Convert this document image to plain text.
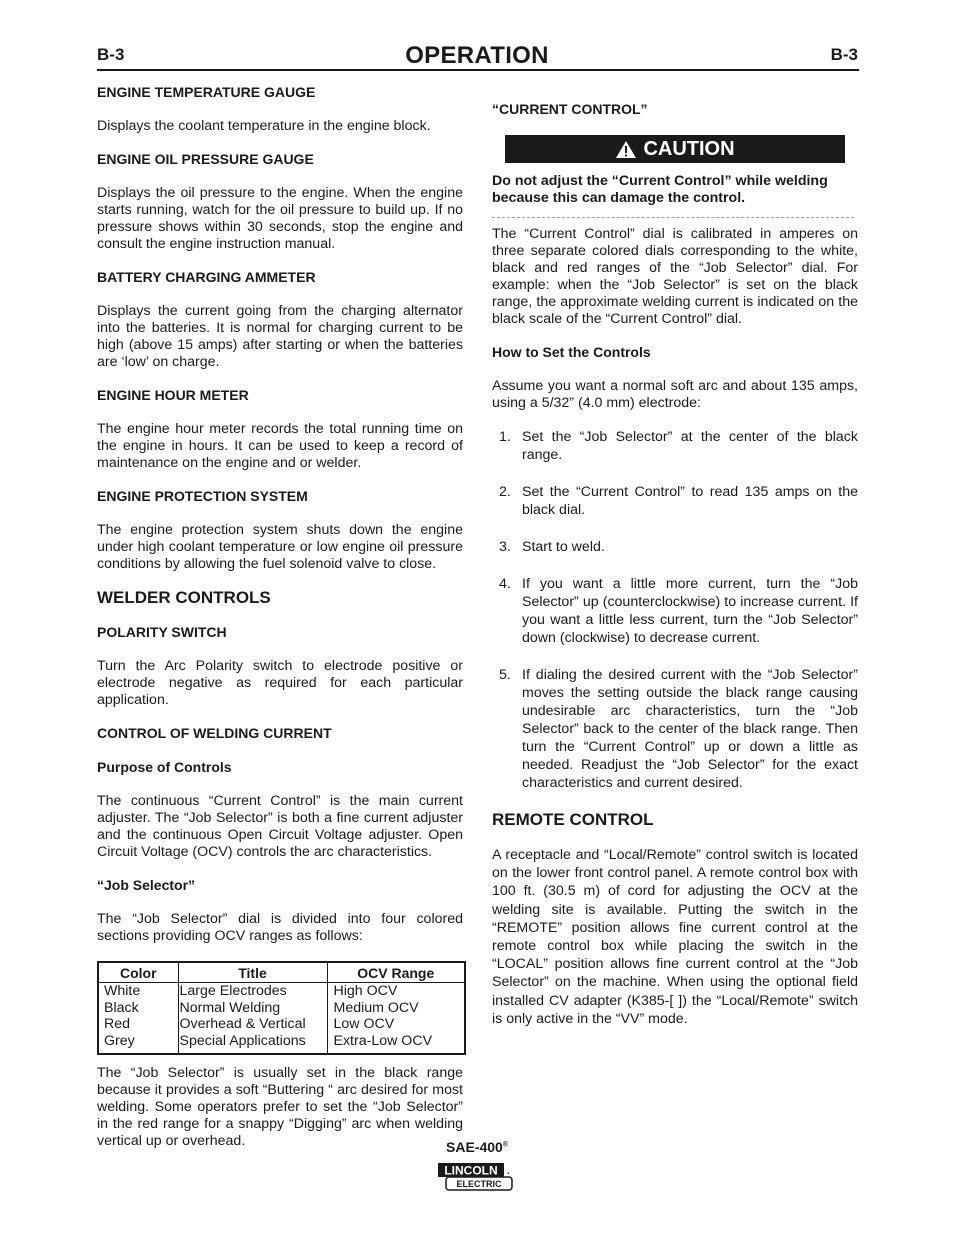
B-3	OPERATION	B-3
ENGINE TEMPERATURE GAUGE

Displays the coolant temperature in the engine block.

ENGINE OIL PRESSURE GAUGE

Displays the oil pressure to the engine. When the engine starts running, watch for the oil pressure to build up. If no pressure shows within 30 seconds, stop the engine and consult the engine instruction manual.

BATTERY CHARGING AMMETER

Displays the current going from the charging alternator into the batteries. It is normal for charging current to be high (above 15 amps) after starting or when the batteries are ‘low’ on charge.

ENGINE HOUR METER

The engine hour meter records the total running time on the engine in hours. It can be used to keep a record of maintenance on the engine and or welder.

ENGINE PROTECTION SYSTEM

The engine protection system shuts down the engine under high coolant temperature or low engine oil pressure conditions by allowing the fuel solenoid valve to close.

WELDER CONTROLS
POLARITY SWITCH

Turn the Arc Polarity switch to electrode positive or electrode negative as required for each particular application.

CONTROL OF WELDING CURRENT
Purpose of Controls

The continuous “Current Control” is the main current adjuster. The “Job Selector” is both a fine current adjuster and the continuous Open Circuit Voltage adjuster. Open Circuit Voltage (OCV) controls the arc characteristics.

“Job Selector”

The “Job Selector” dial is divided into four colored sections providing OCV ranges as follows:

Color	Title	OCV Range
White	Large Electrodes	High OCV
Black	Normal Welding	Medium OCV
Red	Overhead & Vertical	Low OCV
Grey	Special Applications	Extra-Low OCV

The “Job Selector” is usually set in the black range because it provides a soft “Buttering “ arc desired for most welding. Some operators prefer to set the “Job Selector” in the red range for a snappy “Digging” arc when welding vertical up or overhead.

“CURRENT CONTROL”
CAUTION
Do not adjust the “Current Control” while welding because this can damage the control.

The “Current Control” dial is calibrated in amperes on three separate colored dials corresponding to the white, black and red ranges of the “Job Selector” dial. For example: when the “Job Selector” is set on the black range, the approximate welding current is indicated on the black scale of the “Current Control” dial.

How to Set the Controls

Assume you want a normal soft arc and about 135 amps, using a 5/32” (4.0 mm) electrode:

1. Set the “Job Selector” at the center of the black range.
2. Set the “Current Control” to read 135 amps on the black dial.
3. Start to weld.
4. If you want a little more current, turn the “Job Selector” up (counterclockwise) to increase current. If you want a little less current, turn the “Job Selector” down (clockwise) to decrease current.
5. If dialing the desired current with the “Job Selector” moves the setting outside the black range causing undesirable arc characteristics, turn the “Job Selector” back to the center of the black range. Then turn the “Current Control” up or down a little as needed. Readjust the “Job Selector” for the exact characteristics and current desired.
REMOTE CONTROL

A receptacle and “Local/Remote” control switch is located on the lower front control panel. A remote control box with 100 ft. (30.5 m) of cord for adjusting the OCV at the welding site is available. Putting the switch in the “REMOTE” position allows fine current control at the remote control box while placing the switch in the “LOCAL” position allows fine current control at the “Job Selector” on the machine. When using the optional field installed CV adapter (K385-[ ]) the “Local/Remote” switch is only active in the “VV” mode.

SAE-400®
LINCOLN .
ELECTRIC
